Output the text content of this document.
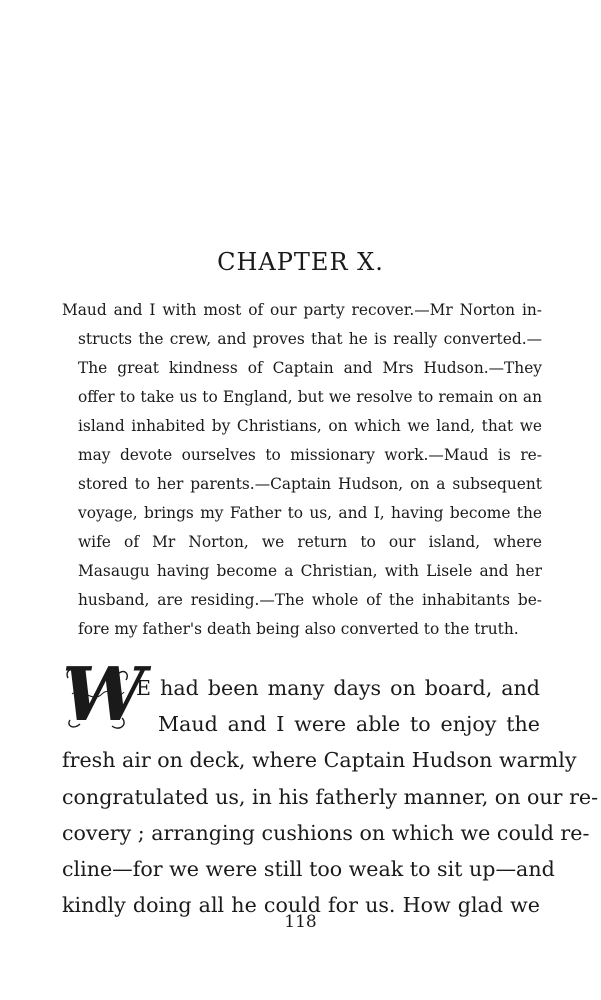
CHAPTER X.
Maud and I with most of our party recover.—Mr Norton in-
structs the crew, and proves that he is really converted.—
The great kindness of Captain and Mrs Hudson.—They
offer to take us to England, but we resolve to remain on an
island inhabited by Christians, on which we land, that we
may devote ourselves to missionary work.—Maud is re-
stored to her parents.—Captain Hudson, on a subsequent
voyage, brings my Father to us, and I, having become the
wife of Mr Norton, we return to our island, where
Masaugu having become a Christian, with Lisele and her
husband, are residing.—The whole of the inhabitants be-
fore my father's death being also converted to the truth.
W
E had been many days on board, and
Maud and I were able to enjoy the
fresh air on deck, where Captain Hudson warmly
congratulated us, in his fatherly manner, on our re-
covery ; arranging cushions on which we could re-
cline—for we were still too weak to sit up—and
kindly doing all he could for us. How glad we
118
